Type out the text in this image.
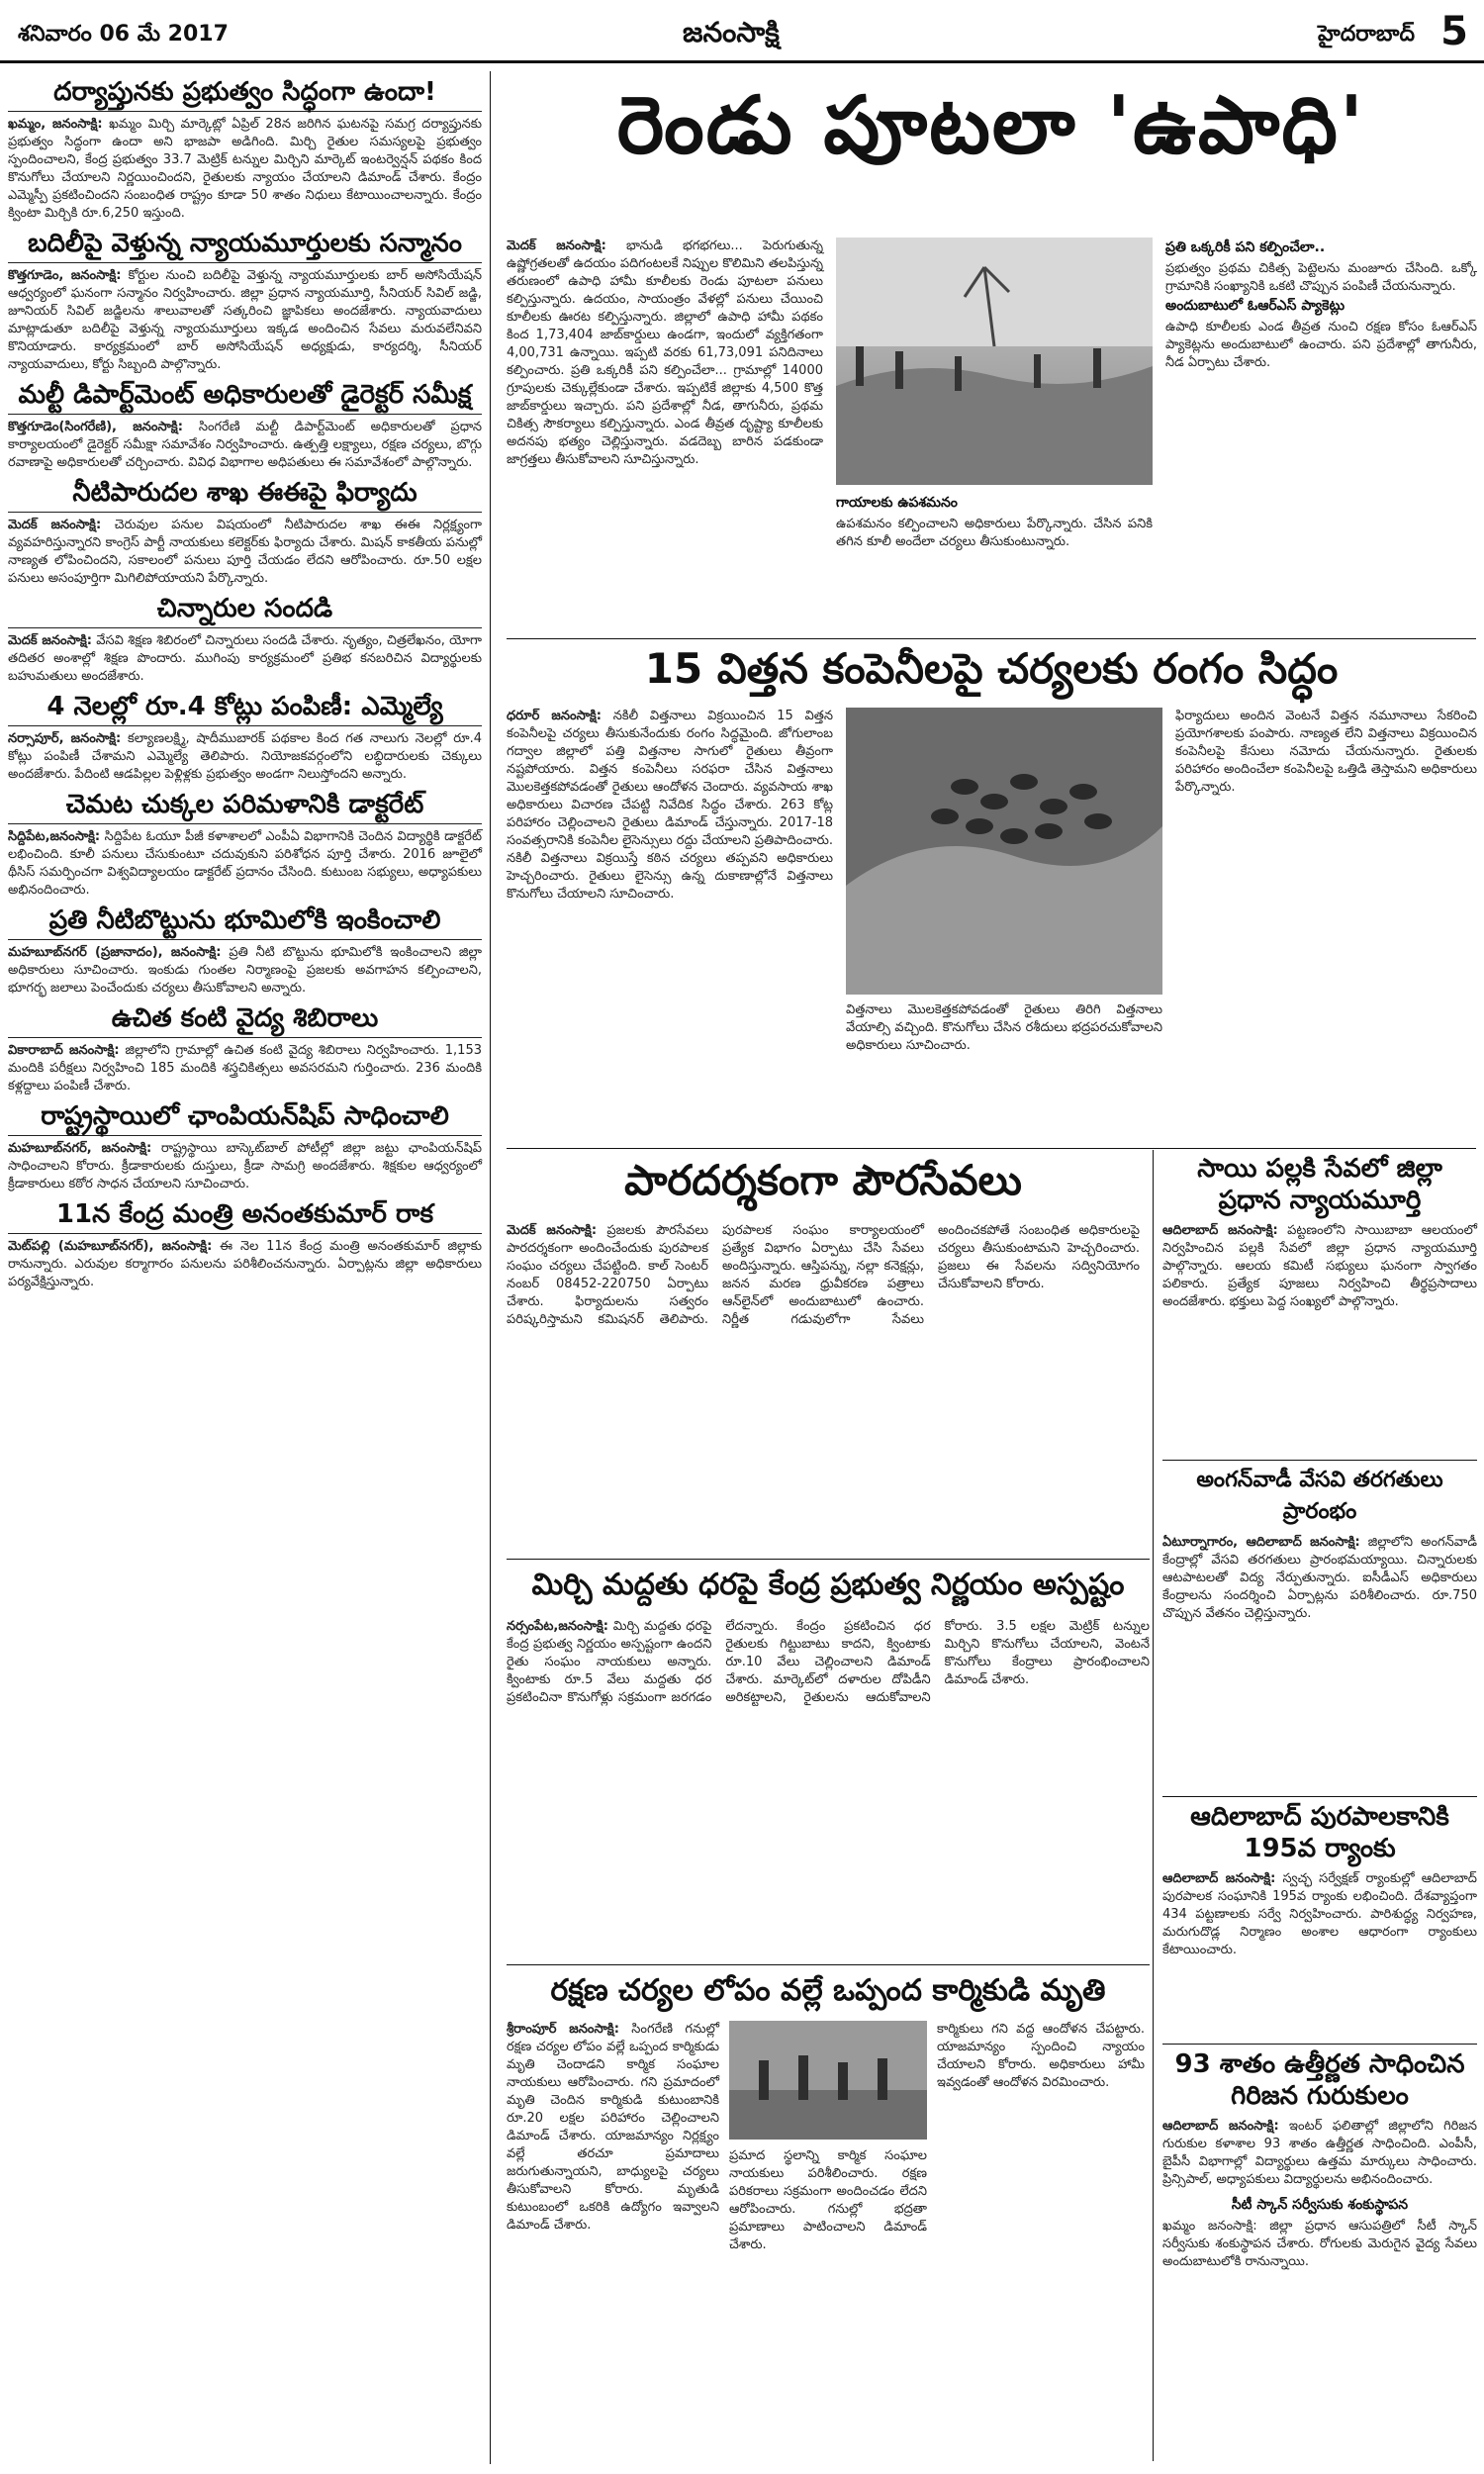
శనివారం 06 మే 2017	జనంసాక్షి	హైదరాబాద్ 5
దర్యాప్తునకు ప్రభుత్వం సిద్ధంగా ఉందా!

ఖమ్మం, జనంసాక్షి: ఖమ్మం మిర్చి మార్కెట్లో ఏప్రిల్ 28న జరిగిన ఘటనపై సమగ్ర దర్యాప్తునకు ప్రభుత్వం సిద్ధంగా ఉందా అని భాజపా అడిగింది. మిర్చి రైతుల సమస్యలపై ప్రభుత్వం స్పందించాలని, కేంద్ర ప్రభుత్వం 33.7 మెట్రిక్ టన్నుల మిర్చిని మార్కెట్ ఇంటర్వెన్షన్ పథకం కింద కొనుగోలు చేయాలని నిర్ణయించిందని, రైతులకు న్యాయం చేయాలని డిమాండ్ చేశారు. కేంద్రం ఎమ్మెస్పీ ప్రకటించిందని సంబంధిత రాష్ట్రం కూడా 50 శాతం నిధులు కేటాయించాలన్నారు. కేంద్రం క్వింటా మిర్చికి రూ.6,250 ఇస్తుంది.

బదిలీపై వెళ్తున్న న్యాయమూర్తులకు సన్మానం

కొత్తగూడెం, జనంసాక్షి: కోర్టుల నుంచి బదిలీపై వెళ్తున్న న్యాయమూర్తులకు బార్ అసోసియేషన్ ఆధ్వర్యంలో ఘనంగా సన్మానం నిర్వహించారు. జిల్లా ప్రధాన న్యాయమూర్తి, సీనియర్ సివిల్ జడ్జి, జూనియర్ సివిల్ జడ్జిలను శాలువాలతో సత్కరించి జ్ఞాపికలు అందజేశారు. న్యాయవాదులు మాట్లాడుతూ బదిలీపై వెళ్తున్న న్యాయమూర్తులు ఇక్కడ అందించిన సేవలు మరువలేనివని కొనియాడారు. కార్యక్రమంలో బార్ అసోసియేషన్ అధ్యక్షుడు, కార్యదర్శి, సీనియర్ న్యాయవాదులు, కోర్టు సిబ్బంది పాల్గొన్నారు.

మల్టీ డిపార్ట్‌మెంట్ అధికారులతో డైరెక్టర్ సమీక్ష

కొత్తగూడెం(సింగరేణి), జనంసాక్షి: సింగరేణి మల్టీ డిపార్ట్‌మెంట్ అధికారులతో ప్రధాన కార్యాలయంలో డైరెక్టర్ సమీక్షా సమావేశం నిర్వహించారు. ఉత్పత్తి లక్ష్యాలు, రక్షణ చర్యలు, బొగ్గు రవాణాపై అధికారులతో చర్చించారు. వివిధ విభాగాల అధిపతులు ఈ సమావేశంలో పాల్గొన్నారు.

నీటిపారుదల శాఖ ఈఈపై ఫిర్యాదు

మెదక్ జనంసాక్షి: చెరువుల పనుల విషయంలో నీటిపారుదల శాఖ ఈఈ నిర్లక్ష్యంగా వ్యవహరిస్తున్నారని కాంగ్రెస్ పార్టీ నాయకులు కలెక్టర్‌కు ఫిర్యాదు చేశారు. మిషన్ కాకతీయ పనుల్లో నాణ్యత లోపించిందని, సకాలంలో పనులు పూర్తి చేయడం లేదని ఆరోపించారు. రూ.50 లక్షల పనులు అసంపూర్తిగా మిగిలిపోయాయని పేర్కొన్నారు.

చిన్నారుల సందడి

మెదక్ జనంసాక్షి: వేసవి శిక్షణ శిబిరంలో చిన్నారులు సందడి చేశారు. నృత్యం, చిత్రలేఖనం, యోగా తదితర అంశాల్లో శిక్షణ పొందారు. ముగింపు కార్యక్రమంలో ప్రతిభ కనబరిచిన విద్యార్థులకు బహుమతులు అందజేశారు.

4 నెలల్లో రూ.4 కోట్లు పంపిణీ: ఎమ్మెల్యే

నర్సాపూర్, జనంసాక్షి: కల్యాణలక్ష్మి, షాదీముబారక్ పథకాల కింద గత నాలుగు నెలల్లో రూ.4 కోట్లు పంపిణీ చేశామని ఎమ్మెల్యే తెలిపారు. నియోజకవర్గంలోని లబ్ధిదారులకు చెక్కులు అందజేశారు. పేదింటి ఆడపిల్లల పెళ్లిళ్లకు ప్రభుత్వం అండగా నిలుస్తోందని అన్నారు.

చెమట చుక్కల పరిమళానికి డాక్టరేట్

సిద్దిపేట,జనంసాక్షి: సిద్దిపేట ఓయూ పీజీ కళాశాలలో ఎంపీఏ విభాగానికి చెందిన విద్యార్థికి డాక్టరేట్ లభించింది. కూలీ పనులు చేసుకుంటూ చదువుకుని పరిశోధన పూర్తి చేశారు. 2016 జూలైలో థీసిస్ సమర్పించగా విశ్వవిద్యాలయం డాక్టరేట్ ప్రదానం చేసింది. కుటుంబ సభ్యులు, అధ్యాపకులు అభినందించారు.

ప్రతి నీటిబొట్టును భూమిలోకి ఇంకించాలి

మహబూబ్‌నగర్ (ప్రజానాదం), జనంసాక్షి: ప్రతి నీటి బొట్టును భూమిలోకి ఇంకించాలని జిల్లా అధికారులు సూచించారు. ఇంకుడు గుంతల నిర్మాణంపై ప్రజలకు అవగాహన కల్పించాలని, భూగర్భ జలాలు పెంచేందుకు చర్యలు తీసుకోవాలని అన్నారు.

ఉచిత కంటి వైద్య శిబిరాలు

వికారాబాద్ జనంసాక్షి: జిల్లాలోని గ్రామాల్లో ఉచిత కంటి వైద్య శిబిరాలు నిర్వహించారు. 1,153 మందికి పరీక్షలు నిర్వహించి 185 మందికి శస్త్రచికిత్సలు అవసరమని గుర్తించారు. 236 మందికి కళ్లద్దాలు పంపిణీ చేశారు.

రాష్ట్రస్థాయిలో ఛాంపియన్‌షిప్ సాధించాలి

మహబూబ్‌నగర్, జనంసాక్షి: రాష్ట్రస్థాయి బాస్కెట్‌బాల్ పోటీల్లో జిల్లా జట్టు ఛాంపియన్‌షిప్ సాధించాలని కోరారు. క్రీడాకారులకు దుస్తులు, క్రీడా సామగ్రి అందజేశారు. శిక్షకుల ఆధ్వర్యంలో క్రీడాకారులు కఠోర సాధన చేయాలని సూచించారు.

11న కేంద్ర మంత్రి అనంతకుమార్ రాక

మెట్‌పల్లి (మహబూబ్‌నగర్), జనంసాక్షి: ఈ నెల 11న కేంద్ర మంత్రి అనంతకుమార్ జిల్లాకు రానున్నారు. ఎరువుల కర్మాగారం పనులను పరిశీలించనున్నారు. ఏర్పాట్లను జిల్లా అధికారులు పర్యవేక్షిస్తున్నారు.

రెండు పూటలా 'ఉపాధి'
మెదక్ జనంసాక్షి: భానుడి భగభగలు... పెరుగుతున్న ఉష్ణోగ్రతలతో ఉదయం పదిగంటలకే నిప్పుల కొలిమిని తలపిస్తున్న తరుణంలో ఉపాధి హామీ కూలీలకు రెండు పూటలా పనులు కల్పిస్తున్నారు. ఉదయం, సాయంత్రం వేళల్లో పనులు చేయించి కూలీలకు ఊరట కల్పిస్తున్నారు. జిల్లాలో ఉపాధి హామీ పథకం కింద 1,73,404 జాబ్‌కార్డులు ఉండగా, ఇందులో వ్యక్తిగతంగా 4,00,731 ఉన్నాయి. ఇప్పటి వరకు 61,73,091 పనిదినాలు కల్పించారు. ప్రతి ఒక్కరికీ పని కల్పించేలా... గ్రామాల్లో 14000 గ్రూపులకు చెక్కుల్లేకుండా చేశారు. ఇప్పటికే జిల్లాకు 4,500 కొత్త జాబ్‌కార్డులు ఇచ్చారు. పని ప్రదేశాల్లో నీడ, తాగునీరు, ప్రథమ చికిత్స సౌకర్యాలు కల్పిస్తున్నారు. ఎండ తీవ్రత దృష్ట్యా కూలీలకు అదనపు భత్యం చెల్లిస్తున్నారు. వడదెబ్బ బారిన పడకుండా జాగ్రత్తలు తీసుకోవాలని సూచిస్తున్నారు.
గాయాలకు ఉపశమనం
ఉపశమనం కల్పించాలని అధికారులు పేర్కొన్నారు. చేసిన పనికి తగిన కూలీ అందేలా చర్యలు తీసుకుంటున్నారు.
ప్రతి ఒక్కరికీ పని కల్పించేలా..
ప్రభుత్వం ప్రథమ చికిత్స పెట్టెలను మంజూరు చేసింది. ఒక్కో గ్రామానికి సంఖ్యానికి ఒకటి చొప్పున పంపిణీ చేయనున్నారు.
అందుబాటులో ఓఆర్‌ఎస్ ప్యాకెట్లు
ఉపాధి కూలీలకు ఎండ తీవ్రత నుంచి రక్షణ కోసం ఓఆర్‌ఎస్ ప్యాకెట్లను అందుబాటులో ఉంచారు. పని ప్రదేశాల్లో తాగునీరు, నీడ ఏర్పాటు చేశారు.
15 విత్తన కంపెనీలపై చర్యలకు రంగం సిద్ధం
ధరూర్ జనంసాక్షి: నకిలీ విత్తనాలు విక్రయించిన 15 విత్తన కంపెనీలపై చర్యలు తీసుకునేందుకు రంగం సిద్ధమైంది. జోగులాంబ గద్వాల జిల్లాలో పత్తి విత్తనాల సాగులో రైతులు తీవ్రంగా నష్టపోయారు. విత్తన కంపెనీలు సరఫరా చేసిన విత్తనాలు మొలకెత్తకపోవడంతో రైతులు ఆందోళన చెందారు. వ్యవసాయ శాఖ అధికారులు విచారణ చేపట్టి నివేదిక సిద్ధం చేశారు. 263 కోట్ల పరిహారం చెల్లించాలని రైతులు డిమాండ్ చేస్తున్నారు. 2017-18 సంవత్సరానికి కంపెనీల లైసెన్సులు రద్దు చేయాలని ప్రతిపాదించారు. నకిలీ విత్తనాలు విక్రయిస్తే కఠిన చర్యలు తప్పవని అధికారులు హెచ్చరించారు. రైతులు లైసెన్సు ఉన్న దుకాణాల్లోనే విత్తనాలు కొనుగోలు చేయాలని సూచించారు.
విత్తనాలు మొలకెత్తకపోవడంతో రైతులు తిరిగి విత్తనాలు వేయాల్సి వచ్చింది. కొనుగోలు చేసిన రశీదులు భద్రపరచుకోవాలని అధికారులు సూచించారు.
ఫిర్యాదులు అందిన వెంటనే విత్తన నమూనాలు సేకరించి ప్రయోగశాలకు పంపారు. నాణ్యత లేని విత్తనాలు విక్రయించిన కంపెనీలపై కేసులు నమోదు చేయనున్నారు. రైతులకు పరిహారం అందించేలా కంపెనీలపై ఒత్తిడి తెస్తామని అధికారులు పేర్కొన్నారు.
పారదర్శకంగా పౌరసేవలు
మెదక్ జనంసాక్షి: ప్రజలకు పౌరసేవలు పారదర్శకంగా అందించేందుకు పురపాలక సంఘం చర్యలు చేపట్టింది. కాల్ సెంటర్ నంబర్ 08452-220750 ఏర్పాటు చేశారు. ఫిర్యాదులను సత్వరం పరిష్కరిస్తామని కమిషనర్ తెలిపారు. పురపాలక సంఘం కార్యాలయంలో ప్రత్యేక విభాగం ఏర్పాటు చేసి సేవలు అందిస్తున్నారు. ఆస్తిపన్ను, నల్లా కనెక్షన్లు, జనన మరణ ధ్రువీకరణ పత్రాలు ఆన్‌లైన్‌లో అందుబాటులో ఉంచారు. నిర్ణీత గడువులోగా సేవలు అందించకపోతే సంబంధిత అధికారులపై చర్యలు తీసుకుంటామని హెచ్చరించారు. ప్రజలు ఈ సేవలను సద్వినియోగం చేసుకోవాలని కోరారు.
సాయి పల్లకి సేవలో జిల్లా ప్రధాన న్యాయమూర్తి
ఆదిలాబాద్ జనంసాక్షి: పట్టణంలోని సాయిబాబా ఆలయంలో నిర్వహించిన పల్లకి సేవలో జిల్లా ప్రధాన న్యాయమూర్తి పాల్గొన్నారు. ఆలయ కమిటీ సభ్యులు ఘనంగా స్వాగతం పలికారు. ప్రత్యేక పూజలు నిర్వహించి తీర్థప్రసాదాలు అందజేశారు. భక్తులు పెద్ద సంఖ్యలో పాల్గొన్నారు.
అంగన్‌వాడీ వేసవి తరగతులు ప్రారంభం
ఏటూర్నాగారం, ఆదిలాబాద్ జనంసాక్షి: జిల్లాలోని అంగన్‌వాడీ కేంద్రాల్లో వేసవి తరగతులు ప్రారంభమయ్యాయి. చిన్నారులకు ఆటపాటలతో విద్య నేర్పుతున్నారు. ఐసీడీఎస్ అధికారులు కేంద్రాలను సందర్శించి ఏర్పాట్లను పరిశీలించారు. రూ.750 చొప్పున వేతనం చెల్లిస్తున్నారు.
ఆదిలాబాద్ పురపాలకానికి 195వ ర్యాంకు
ఆదిలాబాద్ జనంసాక్షి: స్వచ్ఛ సర్వేక్షణ్ ర్యాంకుల్లో ఆదిలాబాద్ పురపాలక సంఘానికి 195వ ర్యాంకు లభించింది. దేశవ్యాప్తంగా 434 పట్టణాలకు సర్వే నిర్వహించారు. పారిశుద్ధ్య నిర్వహణ, మరుగుదొడ్ల నిర్మాణం అంశాల ఆధారంగా ర్యాంకులు కేటాయించారు.
93 శాతం ఉత్తీర్ణత సాధించిన గిరిజన గురుకులం
ఆదిలాబాద్ జనంసాక్షి: ఇంటర్ ఫలితాల్లో జిల్లాలోని గిరిజన గురుకుల కళాశాల 93 శాతం ఉత్తీర్ణత సాధించింది. ఎంపీసీ, బైపీసీ విభాగాల్లో విద్యార్థులు ఉత్తమ మార్కులు సాధించారు. ప్రిన్సిపాల్, అధ్యాపకులు విద్యార్థులను అభినందించారు.
సీటీ స్కాన్ సర్వీసుకు శంకుస్థాపన
ఖమ్మం జనంసాక్షి: జిల్లా ప్రధాన ఆసుపత్రిలో సీటీ స్కాన్ సర్వీసుకు శంకుస్థాపన చేశారు. రోగులకు మెరుగైన వైద్య సేవలు అందుబాటులోకి రానున్నాయి.
మిర్చి మద్దతు ధరపై కేంద్ర ప్రభుత్వ నిర్ణయం అస్పష్టం
నర్సంపేట,జనంసాక్షి: మిర్చి మద్దతు ధరపై కేంద్ర ప్రభుత్వ నిర్ణయం అస్పష్టంగా ఉందని రైతు సంఘం నాయకులు అన్నారు. క్వింటాకు రూ.5 వేలు మద్దతు ధర ప్రకటించినా కొనుగోళ్లు సక్రమంగా జరగడం లేదన్నారు. కేంద్రం ప్రకటించిన ధర రైతులకు గిట్టుబాటు కాదని, క్వింటాకు రూ.10 వేలు చెల్లించాలని డిమాండ్ చేశారు. మార్కెట్‌లో దళారుల దోపిడీని అరికట్టాలని, రైతులను ఆదుకోవాలని కోరారు. 3.5 లక్షల మెట్రిక్ టన్నుల మిర్చిని కొనుగోలు చేయాలని, వెంటనే కొనుగోలు కేంద్రాలు ప్రారంభించాలని డిమాండ్ చేశారు.
రక్షణ చర్యల లోపం వల్లే ఒప్పంద కార్మికుడి మృతి
శ్రీరాంపూర్ జనంసాక్షి: సింగరేణి గనుల్లో రక్షణ చర్యల లోపం వల్లే ఒప్పంద కార్మికుడు మృతి చెందాడని కార్మిక సంఘాల నాయకులు ఆరోపించారు. గని ప్రమాదంలో మృతి చెందిన కార్మికుడి కుటుంబానికి రూ.20 లక్షల పరిహారం చెల్లించాలని డిమాండ్ చేశారు. యాజమాన్యం నిర్లక్ష్యం వల్లే తరచూ ప్రమాదాలు జరుగుతున్నాయని, బాధ్యులపై చర్యలు తీసుకోవాలని కోరారు. మృతుడి కుటుంబంలో ఒకరికి ఉద్యోగం ఇవ్వాలని డిమాండ్ చేశారు.
ప్రమాద స్థలాన్ని కార్మిక సంఘాల నాయకులు పరిశీలించారు. రక్షణ పరికరాలు సక్రమంగా అందించడం లేదని ఆరోపించారు. గనుల్లో భద్రతా ప్రమాణాలు పాటించాలని డిమాండ్ చేశారు.
కార్మికులు గని వద్ద ఆందోళన చేపట్టారు. యాజమాన్యం స్పందించి న్యాయం చేయాలని కోరారు. అధికారులు హామీ ఇవ్వడంతో ఆందోళన విరమించారు.
